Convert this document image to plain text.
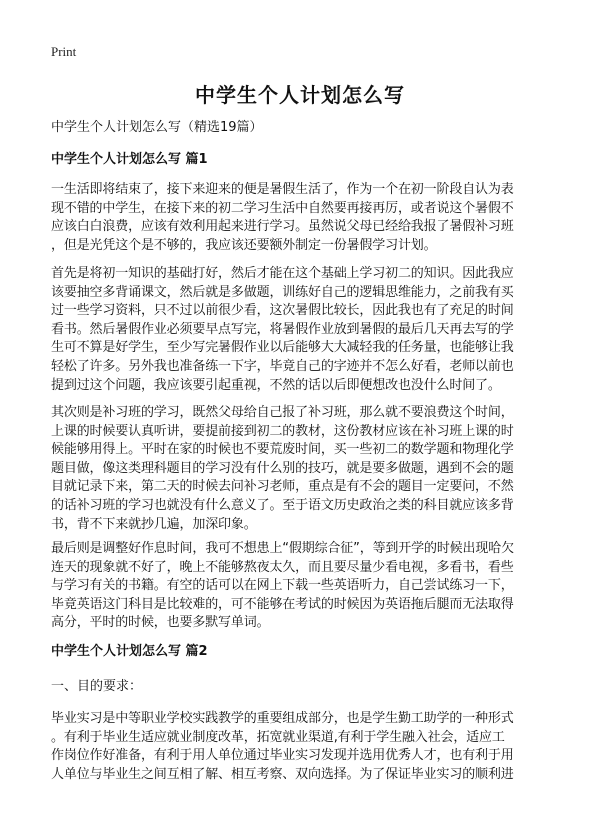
Print
中学生个人计划怎么写

中学生个人计划怎么写（精选19篇）

中学生个人计划怎么写 篇1
一生活即将结束了，接下来迎来的便是暑假生活了，作为一个在初一阶段自认为表
现不错的中学生，在接下来的初二学习生活中自然要再接再厉，或者说这个暑假不
应该白白浪费，应该有效利用起来进行学习。虽然说父母已经给我报了暑假补习班
，但是光凭这个是不够的，我应该还要额外制定一份暑假学习计划。
首先是将初一知识的基础打好，然后才能在这个基础上学习初二的知识。因此我应
该要抽空多背诵课文，然后就是多做题，训练好自己的逻辑思维能力，之前我有买
过一些学习资料，只不过以前很少看，这次暑假比较长，因此我也有了充足的时间
看书。然后暑假作业必须要早点写完，将暑假作业放到暑假的最后几天再去写的学
生可不算是好学生，至少写完暑假作业以后能够大大减轻我的任务量，也能够让我
轻松了许多。另外我也准备练一下字，毕竟自己的字迹并不怎么好看，老师以前也
提到过这个问题，我应该要引起重视，不然的话以后即便想改也没什么时间了。
其次则是补习班的学习，既然父母给自己报了补习班，那么就不要浪费这个时间，
上课的时候要认真听讲，要提前接到初二的教材，这份教材应该在补习班上课的时
候能够用得上。平时在家的时候也不要荒废时间，买一些初二的数学题和物理化学
题目做，像这类理科题目的学习没有什么别的技巧，就是要多做题，遇到不会的题
目就记录下来，第二天的时候去问补习老师，重点是有不会的题目一定要问，不然
的话补习班的学习也就没有什么意义了。至于语文历史政治之类的科目就应该多背
书，背不下来就抄几遍，加深印象。
最后则是调整好作息时间，我可不想患上“假期综合征”，等到开学的时候出现哈欠
连天的现象就不好了，晚上不能够熬夜太久，而且要尽量少看电视，多看书，看些
与学习有关的书籍。有空的话可以在网上下载一些英语听力，自己尝试练习一下，
毕竟英语这门科目是比较难的，可不能够在考试的时候因为英语拖后腿而无法取得
高分，平时的时候，也要多默写单词。
中学生个人计划怎么写 篇2

一、目的要求：

毕业实习是中等职业学校实践教学的重要组成部分，也是学生勤工助学的一种形式
。有利于毕业生适应就业制度改革，拓宽就业渠道,有利于学生融入社会，适应工
作岗位作好准备，有利于用人单位通过毕业实习发现并选用优秀人才，也有利于用
人单位与毕业生之间互相了解、相互考察、双向选择。为了保证毕业实习的顺利进
